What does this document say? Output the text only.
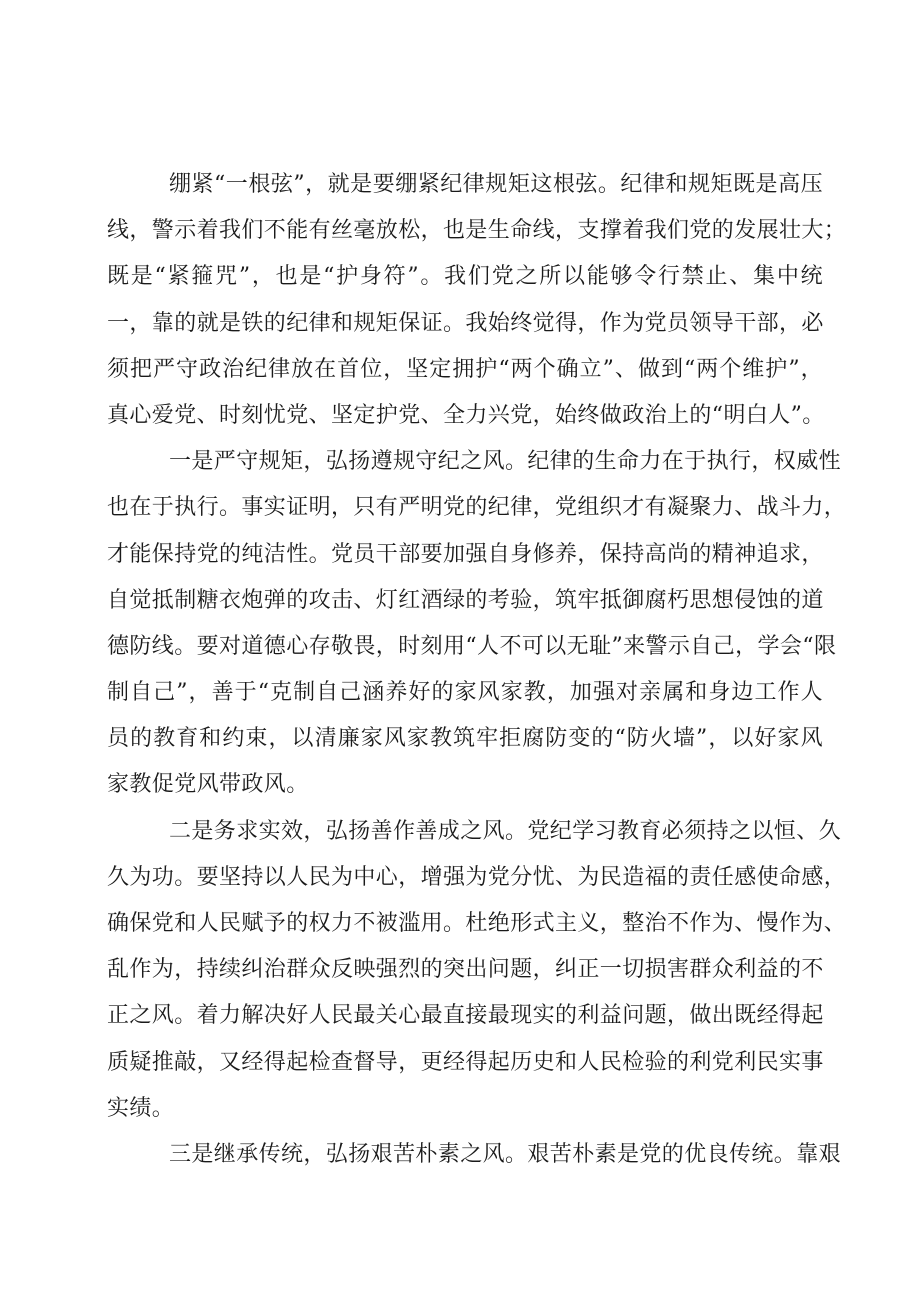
绷紧“一根弦”，就是要绷紧纪律规矩这根弦。纪律和规矩既是高压
线，警示着我们不能有丝毫放松，也是生命线，支撑着我们党的发展壮大；
既是“紧箍咒”，也是“护身符”。我们党之所以能够令行禁止、集中统
一，靠的就是铁的纪律和规矩保证。我始终觉得，作为党员领导干部，必
须把严守政治纪律放在首位，坚定拥护“两个确立”、做到“两个维护”，
真心爱党、时刻忧党、坚定护党、全力兴党，始终做政治上的“明白人”。
一是严守规矩，弘扬遵规守纪之风。纪律的生命力在于执行，权威性
也在于执行。事实证明，只有严明党的纪律，党组织才有凝聚力、战斗力，
才能保持党的纯洁性。党员干部要加强自身修养，保持高尚的精神追求，
自觉抵制糖衣炮弹的攻击、灯红酒绿的考验，筑牢抵御腐朽思想侵蚀的道
德防线。要对道德心存敬畏，时刻用“人不可以无耻”来警示自己，学会“限
制自己”，善于“克制自己涵养好的家风家教，加强对亲属和身边工作人
员的教育和约束，以清廉家风家教筑牢拒腐防变的“防火墙”，以好家风
家教促党风带政风。
二是务求实效，弘扬善作善成之风。党纪学习教育必须持之以恒、久
久为功。要坚持以人民为中心，增强为党分忧、为民造福的责任感使命感，
确保党和人民赋予的权力不被滥用。杜绝形式主义，整治不作为、慢作为、
乱作为，持续纠治群众反映强烈的突出问题，纠正一切损害群众利益的不
正之风。着力解决好人民最关心最直接最现实的利益问题，做出既经得起
质疑推敲，又经得起检查督导，更经得起历史和人民检验的利党利民实事
实绩。
三是继承传统，弘扬艰苦朴素之风。艰苦朴素是党的优良传统。靠艰
